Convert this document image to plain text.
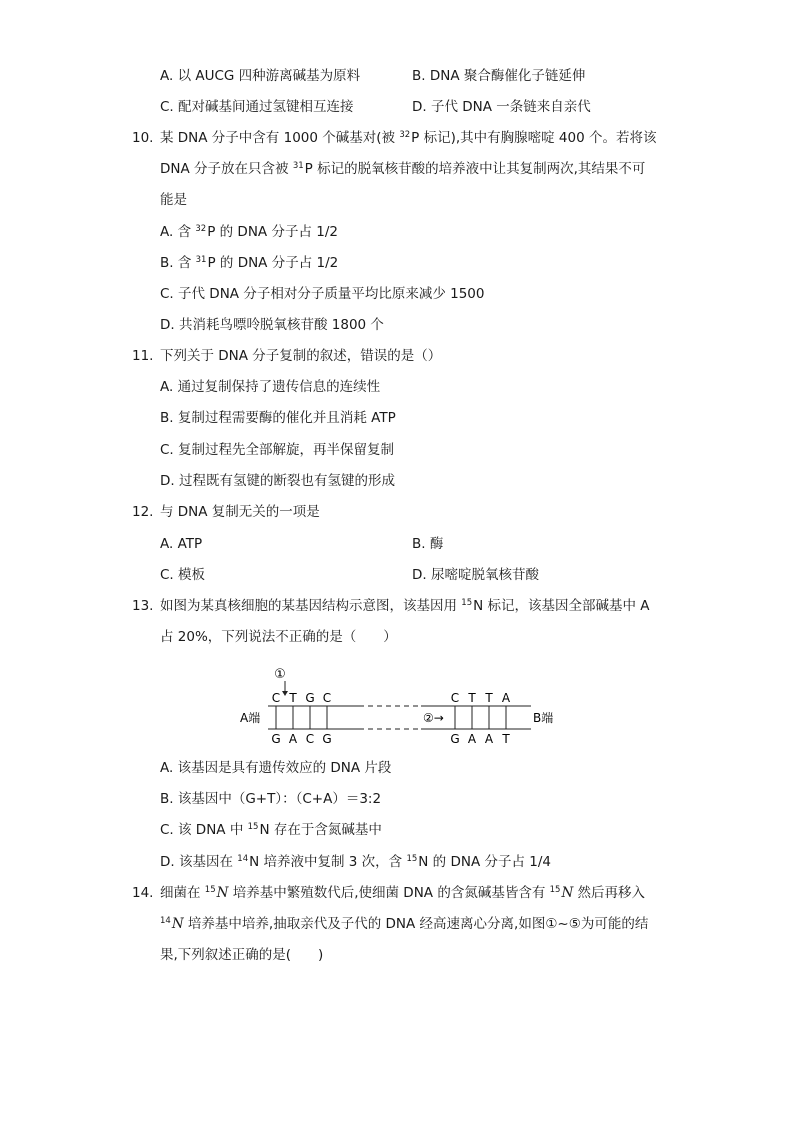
A. 以 AUCG 四种游离碱基为原料	B. DNA 聚合酶催化子链延伸
C. 配对碱基间通过氢键相互连接	D. 子代 DNA 一条链来自亲代
10. 某 DNA 分子中含有 1000 个碱基对(被 $^{32}$P 标记),其中有胸腺嘧啶 400 个。若将该
DNA 分子放在只含被 $^{31}$P 标记的脱氧核苷酸的培养液中让其复制两次,其结果不可
能是
A. 含 $^{32}$P 的 DNA 分子占 1/2
B. 含 $^{31}$P 的 DNA 分子占 1/2
C. 子代 DNA 分子相对分子质量平均比原来减少 1500
D. 共消耗鸟嘌呤脱氧核苷酸 1800 个
11. 下列关于 DNA 分子复制的叙述，错误的是（）
A. 通过复制保持了遗传信息的连续性
B. 复制过程需要酶的催化并且消耗 ATP
C. 复制过程先全部解旋，再半保留复制
D. 过程既有氢键的断裂也有氢键的形成
12. 与 DNA 复制无关的一项是
A. ATP	B. 酶
C. 模板	D. 尿嘧啶脱氧核苷酸
13. 如图为某真核细胞的某基因结构示意图，该基因用 $^{15}$N 标记，该基因全部碱基中 A
占 20%，下列说法不正确的是（　　）
①
C T G C
G A C G
C T T A
G A A T
A端	B端
②→
A. 该基因是具有遗传效应的 DNA 片段
B. 该基因中（G+T）：（C+A）＝3:2
C. 该 DNA 中 $^{15}$N 存在于含氮碱基中
D. 该基因在 $^{14}$N 培养液中复制 3 次，含 $^{15}$N 的 DNA 分子占 1/4
14. 细菌在 $^{15}$N 培养基中繁殖数代后,使细菌 DNA 的含氮碱基皆含有 $^{15}$N 然后再移入
$^{14}$N 培养基中培养,抽取亲代及子代的 DNA 经高速离心分离,如图①~⑤为可能的结
果,下列叙述正确的是(　　)
